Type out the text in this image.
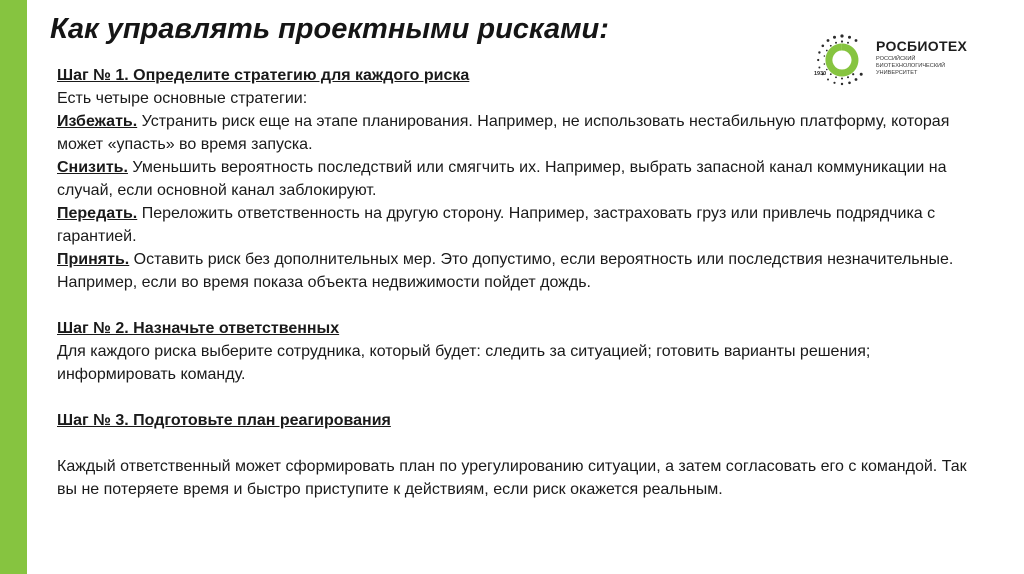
Как управлять проектными рисками:
1930
РОСБИОТЕХ
РОССИЙСКИЙ
БИОТЕХНОЛОГИЧЕСКИЙ
УНИВЕРСИТЕТ

Шаг № 1. Определите стратегию для каждого риска

Есть четыре основные стратегии:

Избежать. Устранить риск еще на этапе планирования. Например, не использовать нестабильную платформу, которая может «упасть» во время запуска.

Снизить. Уменьшить вероятность последствий или смягчить их. Например, выбрать запасной канал коммуникации на случай, если основной канал заблокируют.

Передать. Переложить ответственность на другую сторону. Например, застраховать груз или привлечь подрядчика с гарантией.

Принять. Оставить риск без дополнительных мер. Это допустимо, если вероятность или последствия незначительные. Например, если во время показа объекта недвижимости пойдет дождь.

Шаг № 2. Назначьте ответственных

Для каждого риска выберите сотрудника, который будет: следить за ситуацией; готовить варианты решения; информировать команду.

Шаг № 3. Подготовьте план реагирования

Каждый ответственный может сформировать план по урегулированию ситуации, а затем согласовать его с командой. Так вы не потеряете время и быстро приступите к действиям, если риск окажется реальным.
